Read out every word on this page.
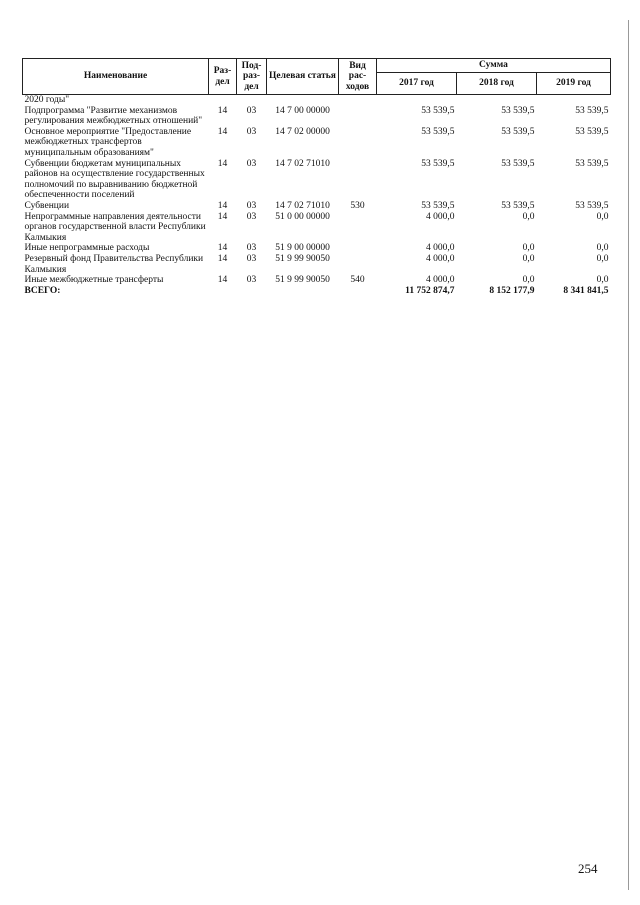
Наименование	Раз-дел	Под-раз-дел	Целевая статья	Вид рас-ходов	Сумма		
					2017 год	2018 год	2019 год
2020 годы"							
Подпрограмма "Развитие механизмов регулирования межбюджетных отношений"	14	03	14 7 00 00000		53 539,5	53 539,5	53 539,5
Основное мероприятие "Предоставление межбюджетных трансфертов муниципальным образованиям"	14	03	14 7 02 00000		53 539,5	53 539,5	53 539,5
Субвенции бюджетам муниципальных районов на осуществление государственных полномочий по выравниванию бюджетной обеспеченности поселений	14	03	14 7 02 71010		53 539,5	53 539,5	53 539,5
Субвенции	14	03	14 7 02 71010	530	53 539,5	53 539,5	53 539,5
Непрограммные направления деятельности органов государственной власти Республики Калмыкия	14	03	51 0 00 00000		4 000,0	0,0	0,0
Иные непрограммные расходы	14	03	51 9 00 00000		4 000,0	0,0	0,0
Резервный фонд Правительства Республики Калмыкия	14	03	51 9 99 90050		4 000,0	0,0	0,0
Иные межбюджетные трансферты	14	03	51 9 99 90050	540	4 000,0	0,0	0,0
ВСЕГО:					11 752 874,7	8 152 177,9	8 341 841,5
254
